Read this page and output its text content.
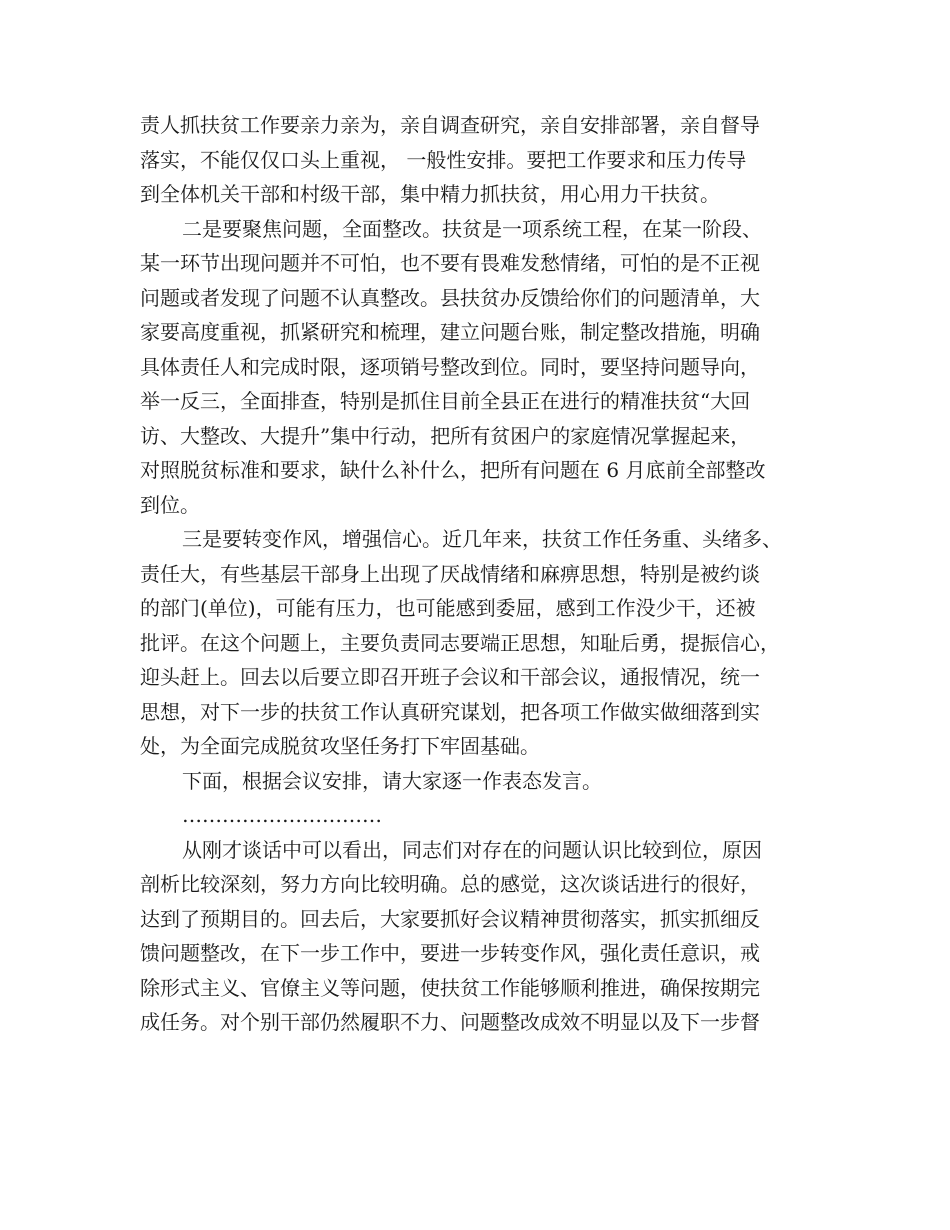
责人抓扶贫工作要亲力亲为，亲自调查研究，亲自安排部署，亲自督导
落实，不能仅仅口头上重视， 一般性安排。要把工作要求和压力传导
到全体机关干部和村级干部，集中精力抓扶贫，用心用力干扶贫。
二是要聚焦问题，全面整改。扶贫是一项系统工程，在某一阶段、
某一环节出现问题并不可怕，也不要有畏难发愁情绪，可怕的是不正视
问题或者发现了问题不认真整改。县扶贫办反馈给你们的问题清单，大
家要高度重视，抓紧研究和梳理，建立问题台账，制定整改措施，明确
具体责任人和完成时限，逐项销号整改到位。同时，要坚持问题导向，
举一反三，全面排查，特别是抓住目前全县正在进行的精准扶贫“大回
访、大整改、大提升”集中行动，把所有贫困户的家庭情况掌握起来，
对照脱贫标准和要求，缺什么补什么，把所有问题在 6 月底前全部整改
到位。
三是要转变作风，增强信心。近几年来，扶贫工作任务重、头绪多、
责任大，有些基层干部身上出现了厌战情绪和麻痹思想，特别是被约谈
的部门(单位)，可能有压力，也可能感到委屈，感到工作没少干，还被
批评。在这个问题上，主要负责同志要端正思想，知耻后勇，提振信心，
迎头赶上。回去以后要立即召开班子会议和干部会议，通报情况，统一
思想，对下一步的扶贫工作认真研究谋划，把各项工作做实做细落到实
处，为全面完成脱贫攻坚任务打下牢固基础。
下面，根据会议安排，请大家逐一作表态发言。
…………………………
从刚才谈话中可以看出，同志们对存在的问题认识比较到位，原因
剖析比较深刻，努力方向比较明确。总的感觉，这次谈话进行的很好，
达到了预期目的。回去后，大家要抓好会议精神贯彻落实，抓实抓细反
馈问题整改，在下一步工作中，要进一步转变作风，强化责任意识，戒
除形式主义、官僚主义等问题，使扶贫工作能够顺利推进，确保按期完
成任务。对个别干部仍然履职不力、问题整改成效不明显以及下一步督
